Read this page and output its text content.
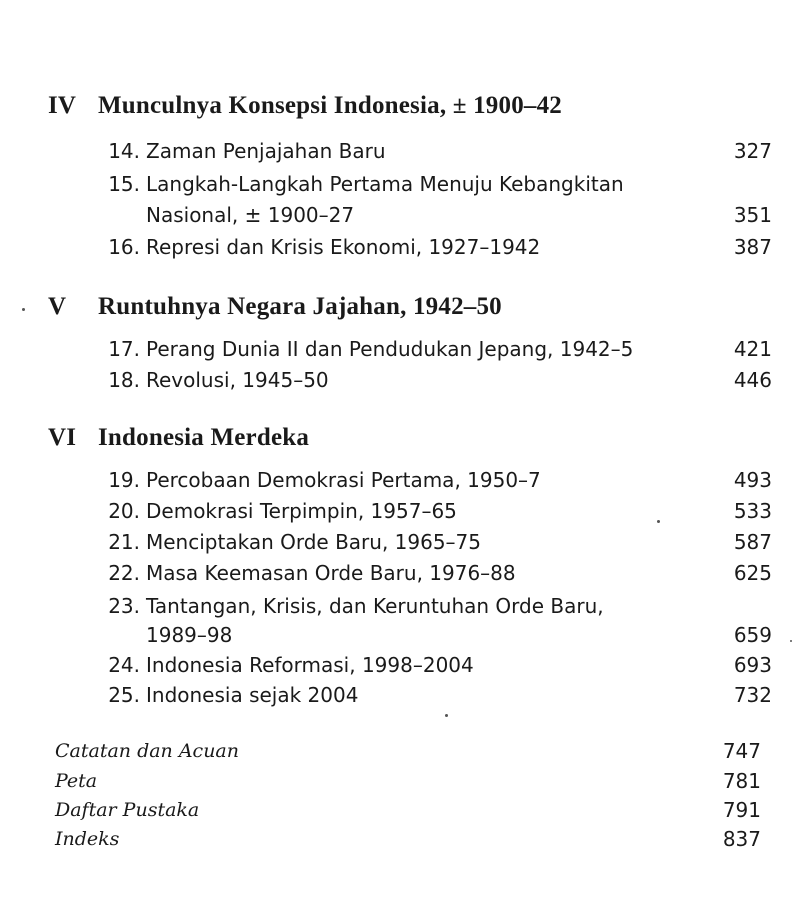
IV Munculnya Konsepsi Indonesia, ± 1900–42
14. Zaman Penjajahan Baru	327
15. Langkah-Langkah Pertama Menuju Kebangkitan
Nasional, ± 1900–27	351
16. Represi dan Krisis Ekonomi, 1927–1942	387
V Runtuhnya Negara Jajahan, 1942–50
17. Perang Dunia II dan Pendudukan Jepang, 1942–5	421
18. Revolusi, 1945–50	446
VI Indonesia Merdeka
19. Percobaan Demokrasi Pertama, 1950–7	493
20. Demokrasi Terpimpin, 1957–65	533
21. Menciptakan Orde Baru, 1965–75	587
22. Masa Keemasan Orde Baru, 1976–88	625
23. Tantangan, Krisis, dan Keruntuhan Orde Baru,
1989–98	659
24. Indonesia Reformasi, 1998–2004	693
25. Indonesia sejak 2004	732
Catatan dan Acuan	747
Peta	781
Daftar Pustaka	791
Indeks	837
